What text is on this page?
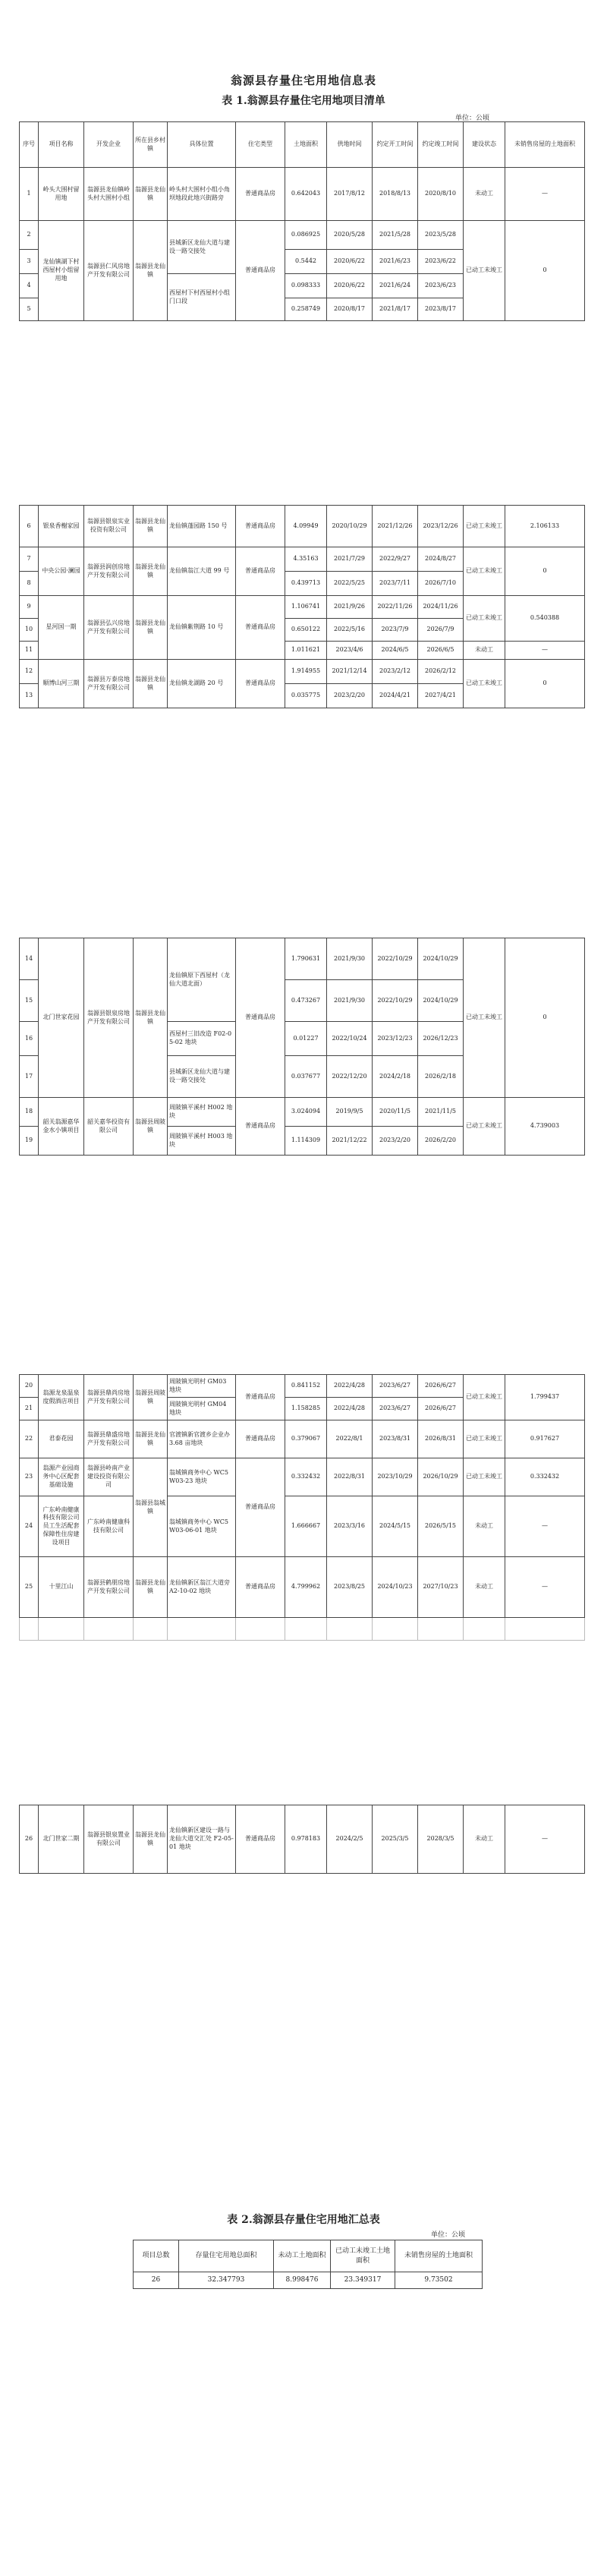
翁源县存量住宅用地信息表
表 1.翁源县存量住宅用地项目清单
单位：公顷
序号	项目名称	开发企业	所在县乡村镇	具体位置	住宅类型	土地面积	供地时间	约定开工时间	约定竣工时间	建设状态	未销售房屋的土地面积
1	岭头大围村留用地	翁源县龙仙镇岭头村大围村小组	翁源县龙仙镇	岭头村大围村小组小角坝地段此地兴街路旁	普通商品房	0.642043	2017/8/12	2018/8/13	2020/8/10	未动工	—
2	龙仙镇湖下村西屋村小组留用地	翁源县仁风房地产开发有限公司	翁源县龙仙镇	县城新区龙仙大道与建设一路交接处	普通商品房	0.086925	2020/5/28	2021/5/28	2023/5/28	已动工未竣工	0
3						0.5442	2020/6/22	2021/6/23	2023/6/22		
4				西屋村下村西屋村小组门口段		0.098333	2020/6/22	2021/6/24	2023/6/23		
5						0.258749	2020/8/17	2021/8/17	2023/8/17		
6	银泉香榭家园	翁源县银泉实业投资有限公司	翁源县龙仙镇	龙仙镇蓬园路 150 号	普通商品房	4.09949	2020/10/29	2021/12/26	2023/12/26	已动工未竣工	2.106133
7	中央公园·澜园	翁源县润创房地产开发有限公司	翁源县龙仙镇	龙仙镇翁江大道 99 号	普通商品房	4.35163	2021/7/29	2022/9/27	2024/8/27	已动工未竣工	0
8						0.439713	2022/5/25	2023/7/11	2026/7/10		
9	星河国一期	翁源县弘兴房地产开发有限公司	翁源县龙仙镇	龙仙镇紫荆路 10 号	普通商品房	1.106741	2021/9/26	2022/11/26	2024/11/26	已动工未竣工	0.540388
10						0.650122	2022/5/16	2023/7/9	2026/7/9		
11						1.011621	2023/4/6	2024/6/5	2026/6/5	未动工	—
12	顺博山河三期	翁源县万泰房地产开发有限公司	翁源县龙仙镇	龙仙镇龙湖路 20 号	普通商品房	1.914955	2021/12/14	2023/2/12	2026/2/12	已动工未竣工	0
13						0.035775	2023/2/20	2024/4/21	2027/4/21		
14	北门世家花园	翁源县银泉房地产开发有限公司	翁源县龙仙镇	龙仙镇原下西屋村（龙仙大道北面）	普通商品房	1.790631	2021/9/30	2022/10/29	2024/10/29	已动工未竣工	0
15						0.473267	2021/9/30	2022/10/29	2024/10/29		
16				西屋村三旧改造 F02-05-02 地块		0.01227	2022/10/24	2023/12/23	2026/12/23		
17				县城新区龙仙大道与建设一路交接处		0.037677	2022/12/20	2024/2/18	2026/2/18		
18	韶关翁源嘉华金水小镇项目	韶关嘉华投资有限公司	翁源县周陂镇	周陂镇平溪村 H002 地块	普通商品房	3.024094	2019/9/5	2020/11/5	2021/11/5	已动工未竣工	4.739003
19				周陂镇平溪村 H003 地块		1.114309	2021/12/22	2023/2/20	2026/2/20		
20	翁源龙泉温泉度假酒店项目	翁源县鼎尚房地产开发有限公司	翁源县周陂镇	周陂镇光明村 GM03 地块	普通商品房	0.841152	2022/4/28	2023/6/27	2026/6/27	已动工未竣工	1.799437
21				周陂镇光明村 GM04 地块		1.158285	2022/4/28	2023/6/27	2026/6/27		
22	君泰花园	翁源县鼎盛房地产开发有限公司	翁源县龙仙镇	官渡镇新官渡乡企业办 3.68 亩地块	普通商品房	0.379067	2022/8/1	2023/8/31	2026/8/31	已动工未竣工	0.917627
23	翁源产业园商务中心区配套基础设施	翁源县岭南产业建设投资有限公司	翁源县翁城镇	翁城镇商务中心 WC5W03-23 地块	普通商品房	0.332432	2022/8/31	2023/10/29	2026/10/29	已动工未竣工	0.332432
24	广东岭南健康科技有限公司员工生活配套保障性住房建设项目	广东岭南健康科技有限公司		翁城镇商务中心 WC5W03-06-01 地块		1.666667	2023/3/16	2024/5/15	2026/5/15	未动工	—
25	十里江山	翁源县鹤朋房地产开发有限公司	翁源县龙仙镇	龙仙镇新区翁江大道旁 A2-10-02 地块	普通商品房	4.799962	2023/8/25	2024/10/23	2027/10/23	未动工	—

26	北门世家二期	翁源县银泉置业有限公司	翁源县龙仙镇	龙仙镇新区建设一路与龙仙大道交汇处 F2-05-01 地块	普通商品房	0.978183	2024/2/5	2025/3/5	2028/3/5	未动工	—
表 2.翁源县存量住宅用地汇总表
单位：公顷
项目总数	存量住宅用地总面积	未动工土地面积	已动工未竣工土地面积	未销售房屋的土地面积
26	32.347793	8.998476	23.349317	9.73502
